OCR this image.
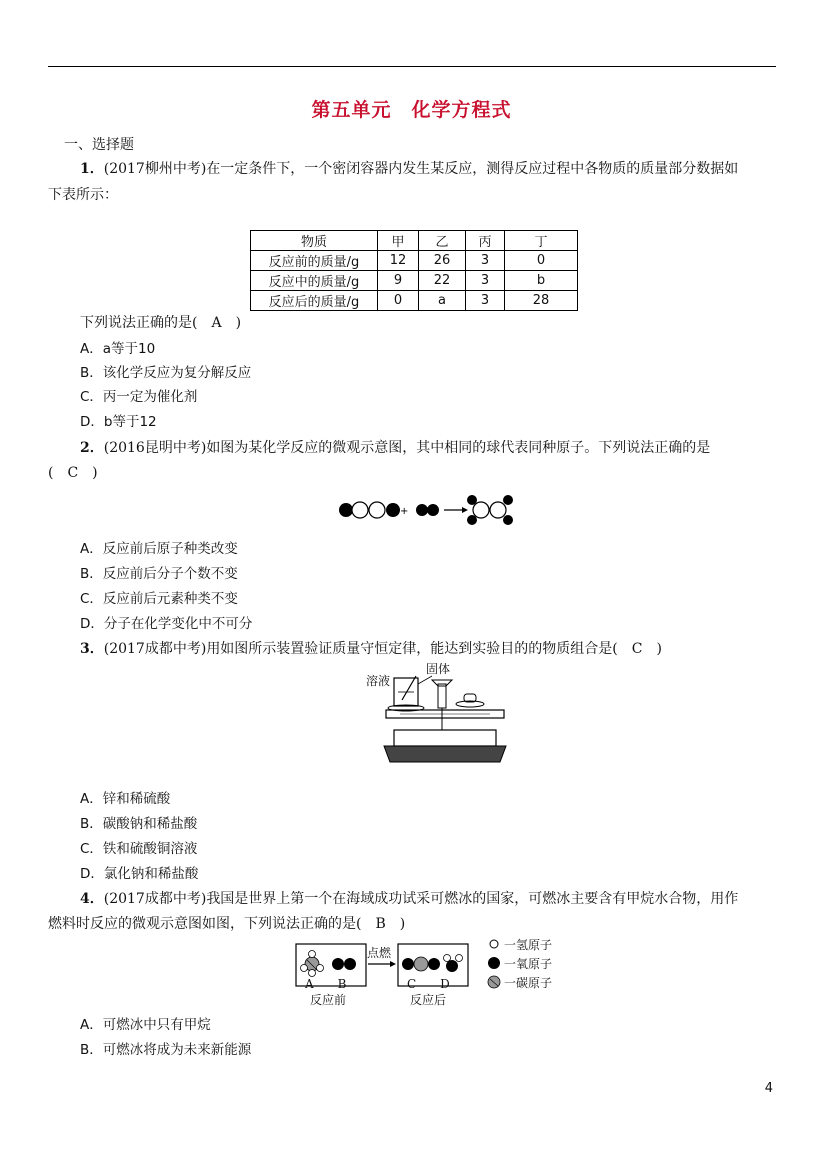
第五单元　化学方程式
一、选择题
1．(2017柳州中考)在一定条件下，一个密闭容器内发生某反应，测得反应过程中各物质的质量部分数据如
下表所示：
物质	甲	乙	丙	丁
反应前的质量/g	12	26	3	0
反应中的质量/g	9	22	3	b
反应后的质量/g	0	a	3	28
下列说法正确的是(　A　)
A．a等于10
B．该化学反应为复分解反应
C．丙一定为催化剂
D．b等于12
2．(2016昆明中考)如图为某化学反应的微观示意图，其中相同的球代表同种原子。下列说法正确的是
(　C　)
+
A．反应前后原子种类改变
B．反应前后分子个数不变
C．反应前后元素种类不变
D．分子在化学变化中不可分
3．(2017成都中考)用如图所示装置验证质量守恒定律，能达到实验目的的物质组合是(　C　)
固体
溶液
A．锌和稀硫酸
B．碳酸钠和稀盐酸
C．铁和硫酸铜溶液
D．氯化钠和稀盐酸
4．(2017成都中考)我国是世界上第一个在海域成功试采可燃冰的国家，可燃冰主要含有甲烷水合物，用作
燃料时反应的微观示意图如图，下列说法正确的是(　B　)
点燃
A　　B	C　　D
反应前	反应后
一氢原子
一氧原子
一碳原子
A．可燃冰中只有甲烷
B．可燃冰将成为未来新能源
4
